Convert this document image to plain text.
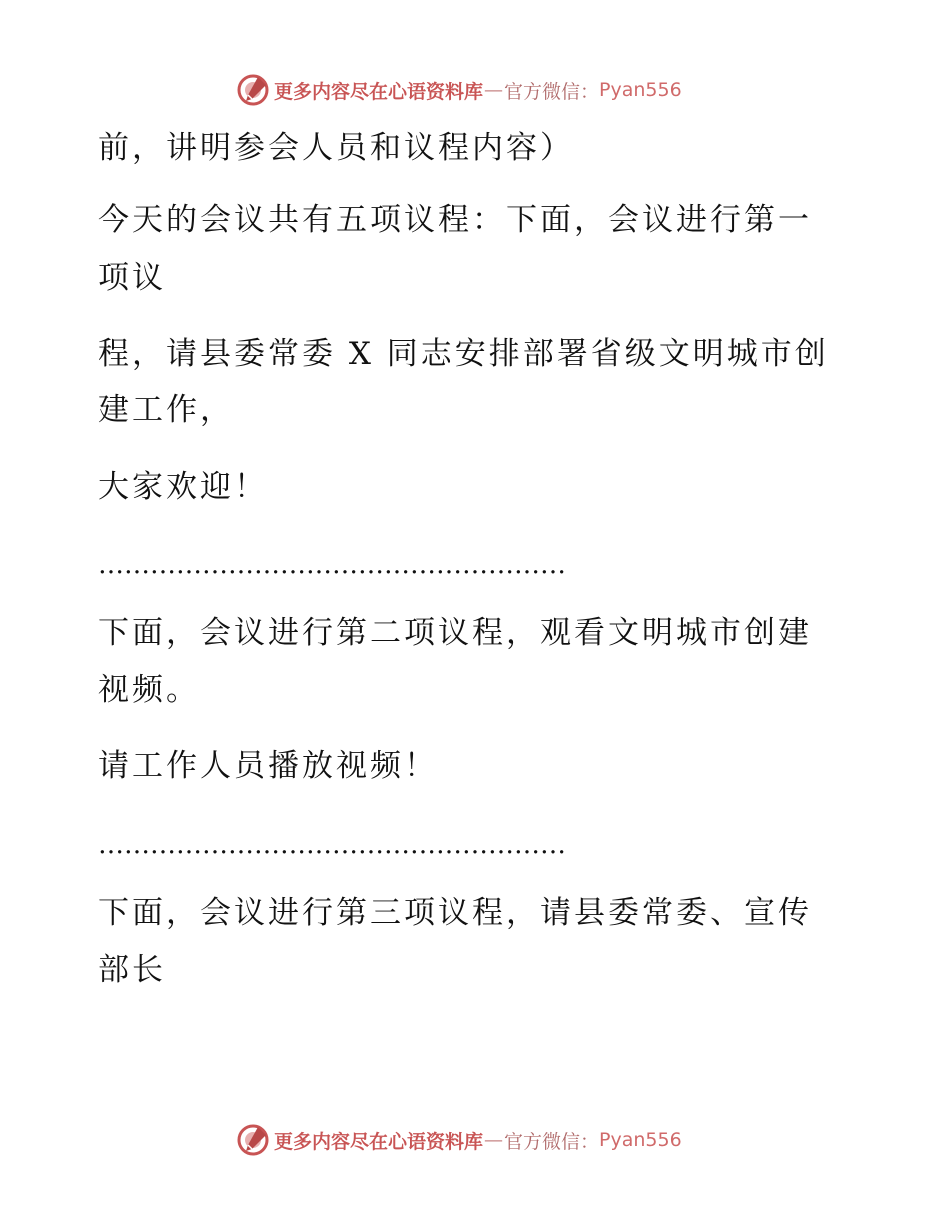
更多内容尽在心语资料库 — 官方微信： Pyan556
前，讲明参会人员和议程内容）
今天的会议共有五项议程：下面，会议进行第一
项议
程，请县委常委 X 同志安排部署省级文明城市创
建工作，
大家欢迎！
………………………………………………
下面，会议进行第二项议程，观看文明城市创建
视频。
请工作人员播放视频！
………………………………………………
下面，会议进行第三项议程，请县委常委、宣传
部长
更多内容尽在心语资料库 — 官方微信： Pyan556
